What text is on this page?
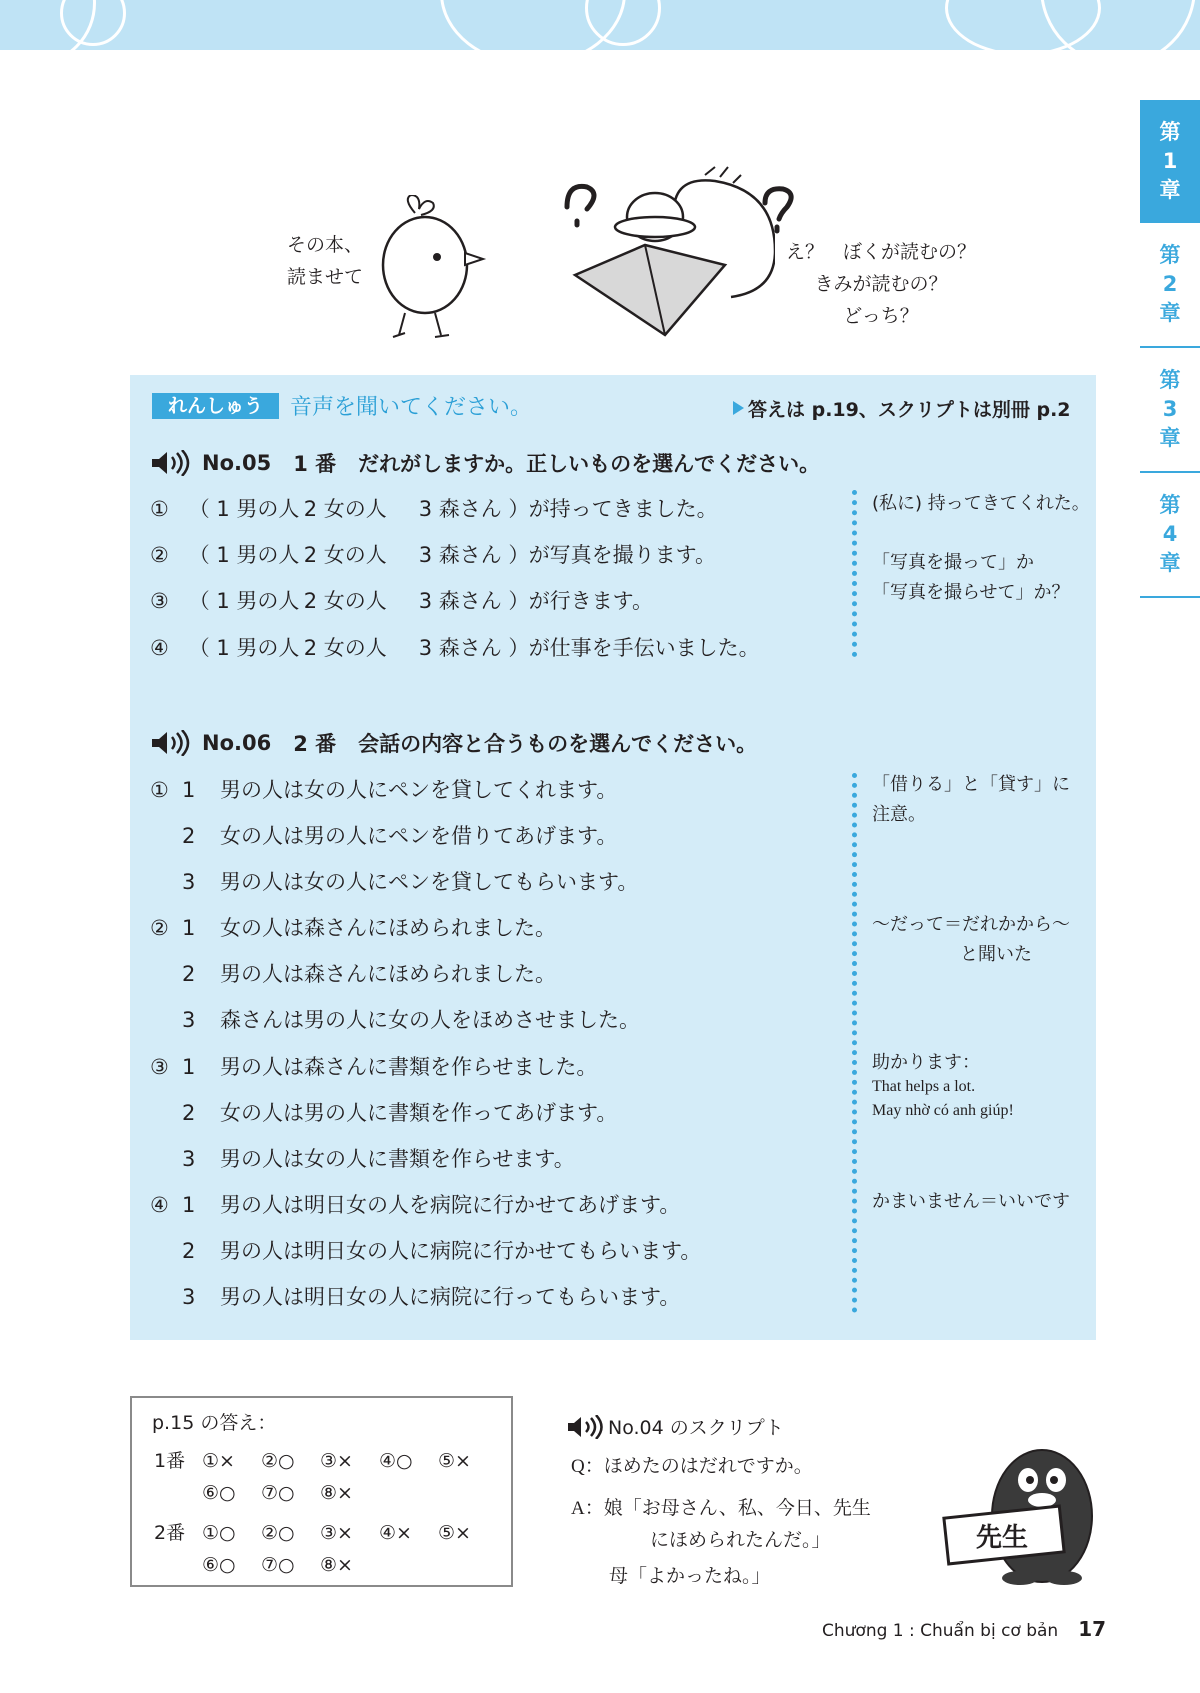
第
1
章
第
2
章
第
3
章
第
4
章
その本、
読ませて
え？　ぼくが読むの？
きみが読むの？
どっち？
れんしゅう	音声を聞いてください。	答えは p.19、スクリプトは別冊 p.2
No.05 1 番 だれがしますか。正しいものを選んでください。
① （ 1 男の人 2 女の人 3 森さん ）が持ってきました。
② （ 1 男の人 2 女の人 3 森さん ）が写真を撮ります。
③ （ 1 男の人 2 女の人 3 森さん ）が行きます。
④ （ 1 男の人 2 女の人 3 森さん ）が仕事を手伝いました。
(私に) 持ってきてくれた。
「写真を撮って」か
「写真を撮らせて」か？
No.06 2 番 会話の内容と合うものを選んでください。
① 1 男の人は女の人にペンを貸してくれます。
2 女の人は男の人にペンを借りてあげます。
3 男の人は女の人にペンを貸してもらいます。
② 1 女の人は森さんにほめられました。
2 男の人は森さんにほめられました。
3 森さんは男の人に女の人をほめさせました。
③ 1 男の人は森さんに書類を作らせました。
2 女の人は男の人に書類を作ってあげます。
3 男の人は女の人に書類を作らせます。
④ 1 男の人は明日女の人を病院に行かせてあげます。
2 男の人は明日女の人に病院に行かせてもらいます。
3 男の人は明日女の人に病院に行ってもらいます。
「借りる」と「貸す」に
注意。
～だって＝だれかから～
と聞いた
助かります：
That helps a lot.
May nhờ có anh giúp!
かまいません＝いいです
p.15 の答え：
1番 ①× ②○ ③× ④○ ⑤×
⑥○ ⑦○ ⑧×
2番 ①○ ②○ ③× ④× ⑤×
⑥○ ⑦○ ⑧×
No.04 のスクリプト
Q：ほめたのはだれですか。
A：娘「お母さん、私、今日、先生
にほめられたんだ。」
母「よかったね。」
先生
Chương 1 : Chuẩn bị cơ bản 17
